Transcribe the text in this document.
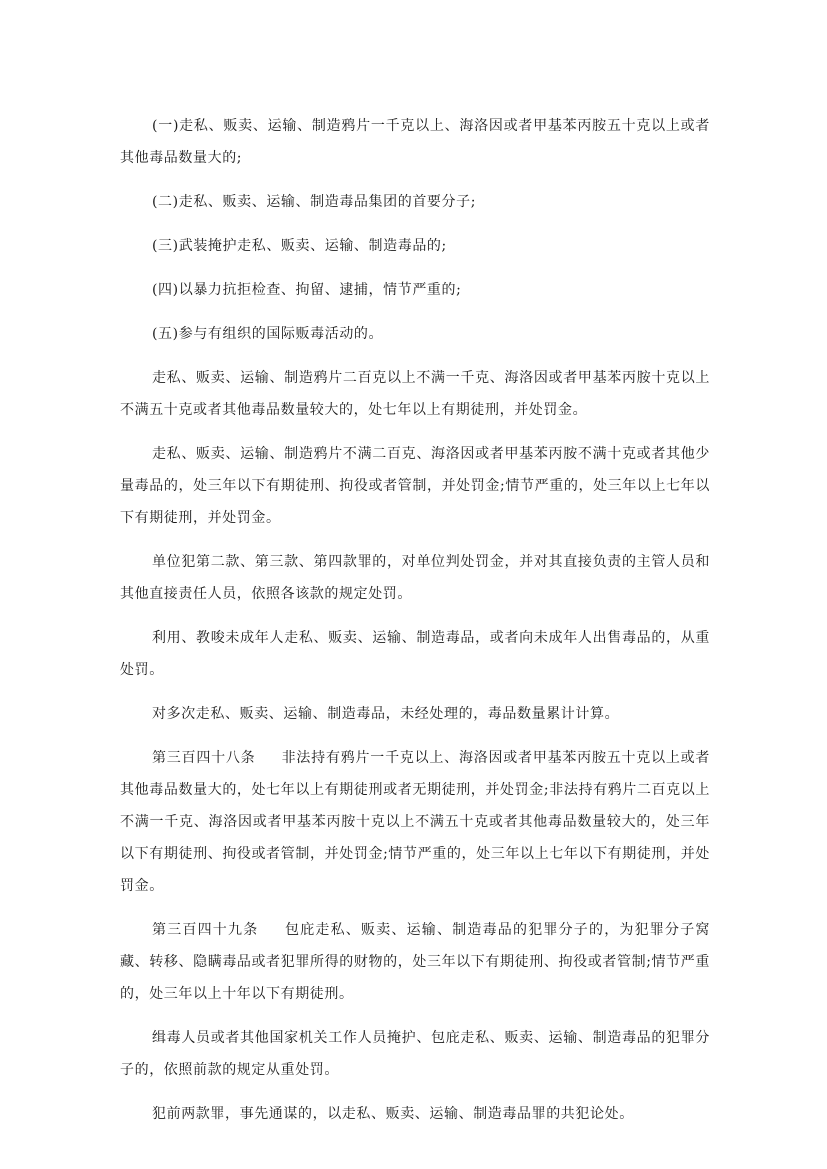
(一)走私、贩卖、运输、制造鸦片一千克以上、海洛因或者甲基苯丙胺五十克以上或者其他毒品数量大的;

(二)走私、贩卖、运输、制造毒品集团的首要分子;

(三)武装掩护走私、贩卖、运输、制造毒品的;

(四)以暴力抗拒检查、拘留、逮捕，情节严重的;

(五)参与有组织的国际贩毒活动的。

走私、贩卖、运输、制造鸦片二百克以上不满一千克、海洛因或者甲基苯丙胺十克以上不满五十克或者其他毒品数量较大的，处七年以上有期徒刑，并处罚金。

走私、贩卖、运输、制造鸦片不满二百克、海洛因或者甲基苯丙胺不满十克或者其他少量毒品的，处三年以下有期徒刑、拘役或者管制，并处罚金;情节严重的，处三年以上七年以下有期徒刑，并处罚金。

单位犯第二款、第三款、第四款罪的，对单位判处罚金，并对其直接负责的主管人员和其他直接责任人员，依照各该款的规定处罚。

利用、教唆未成年人走私、贩卖、运输、制造毒品，或者向未成年人出售毒品的，从重处罚。

对多次走私、贩卖、运输、制造毒品，未经处理的，毒品数量累计计算。

第三百四十八条 非法持有鸦片一千克以上、海洛因或者甲基苯丙胺五十克以上或者其他毒品数量大的，处七年以上有期徒刑或者无期徒刑，并处罚金;非法持有鸦片二百克以上不满一千克、海洛因或者甲基苯丙胺十克以上不满五十克或者其他毒品数量较大的，处三年以下有期徒刑、拘役或者管制，并处罚金;情节严重的，处三年以上七年以下有期徒刑，并处罚金。

第三百四十九条 包庇走私、贩卖、运输、制造毒品的犯罪分子的，为犯罪分子窝藏、转移、隐瞒毒品或者犯罪所得的财物的，处三年以下有期徒刑、拘役或者管制;情节严重的，处三年以上十年以下有期徒刑。

缉毒人员或者其他国家机关工作人员掩护、包庇走私、贩卖、运输、制造毒品的犯罪分子的，依照前款的规定从重处罚。

犯前两款罪，事先通谋的，以走私、贩卖、运输、制造毒品罪的共犯论处。
